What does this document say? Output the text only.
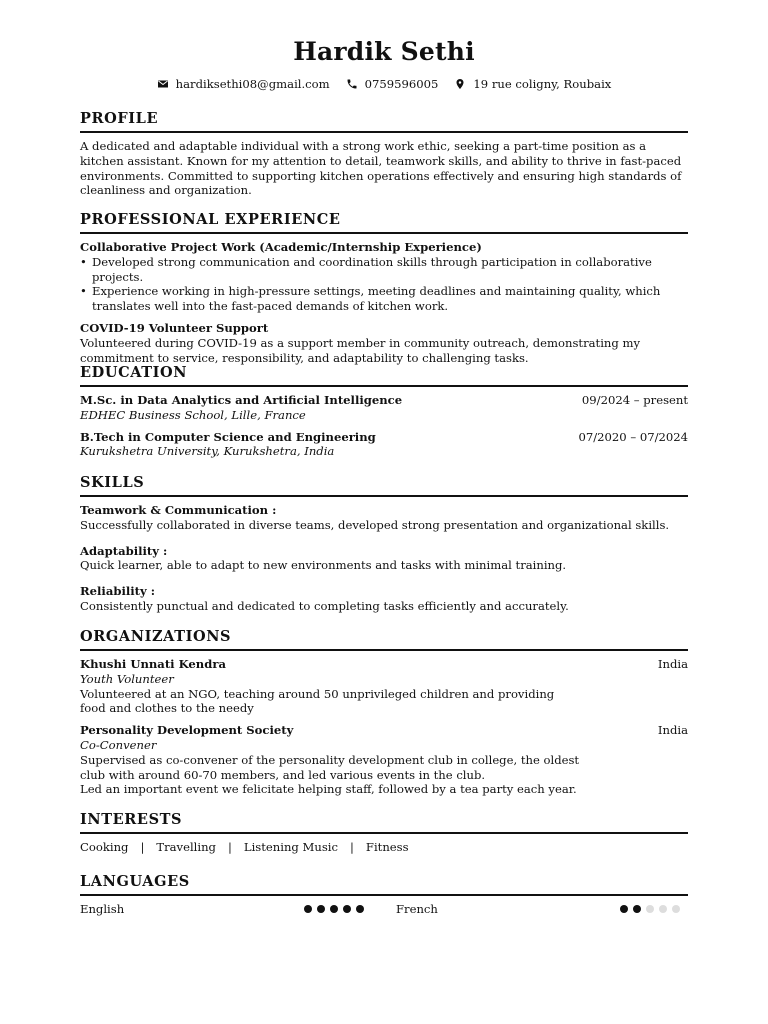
Hardik Sethi
hardiksethi08@gmail.com	0759596005	19 rue coligny, Roubaix
PROFILE

A dedicated and adaptable individual with a strong work ethic, seeking a part-time position as a kitchen assistant. Known for my attention to detail, teamwork skills, and ability to thrive in fast-paced environments. Committed to supporting kitchen operations effectively and ensuring high standards of cleanliness and organization.

PROFESSIONAL EXPERIENCE

Collaborative Project Work (Academic/Internship Experience)

• Developed strong communication and coordination skills through participation in collaborative projects.
• Experience working in high-pressure settings, meeting deadlines and maintaining quality, which translates well into the fast-paced demands of kitchen work.

COVID-19 Volunteer Support

Volunteered during COVID-19 as a support member in community outreach, demonstrating my commitment to service, responsibility, and adaptability to challenging tasks.

EDUCATION
M.Sc. in Data Analytics and Artificial Intelligence	09/2024 – present

EDHEC Business School, Lille, France

B.Tech in Computer Science and Engineering	07/2020 – 07/2024

Kurukshetra University, Kurukshetra, India

SKILLS

Teamwork & Communication :

Successfully collaborated in diverse teams, developed strong presentation and organizational skills.

Adaptability :

Quick learner, able to adapt to new environments and tasks with minimal training.

Reliability :

Consistently punctual and dedicated to completing tasks efficiently and accurately.

ORGANIZATIONS
Khushi Unnati Kendra	India

Youth Volunteer

Volunteered at an NGO, teaching around 50 unprivileged children and providing

food and clothes to the needy

Personality Development Society	India

Co-Convener

Supervised as co-convener of the personality development club in college, the oldest

club with around 60-70 members, and led various events in the club.

Led an important event we felicitate helping staff, followed by a tea party each year.

INTERESTS
Cooking | Travelling | Listening Music | Fitness
LANGUAGES
English	French
